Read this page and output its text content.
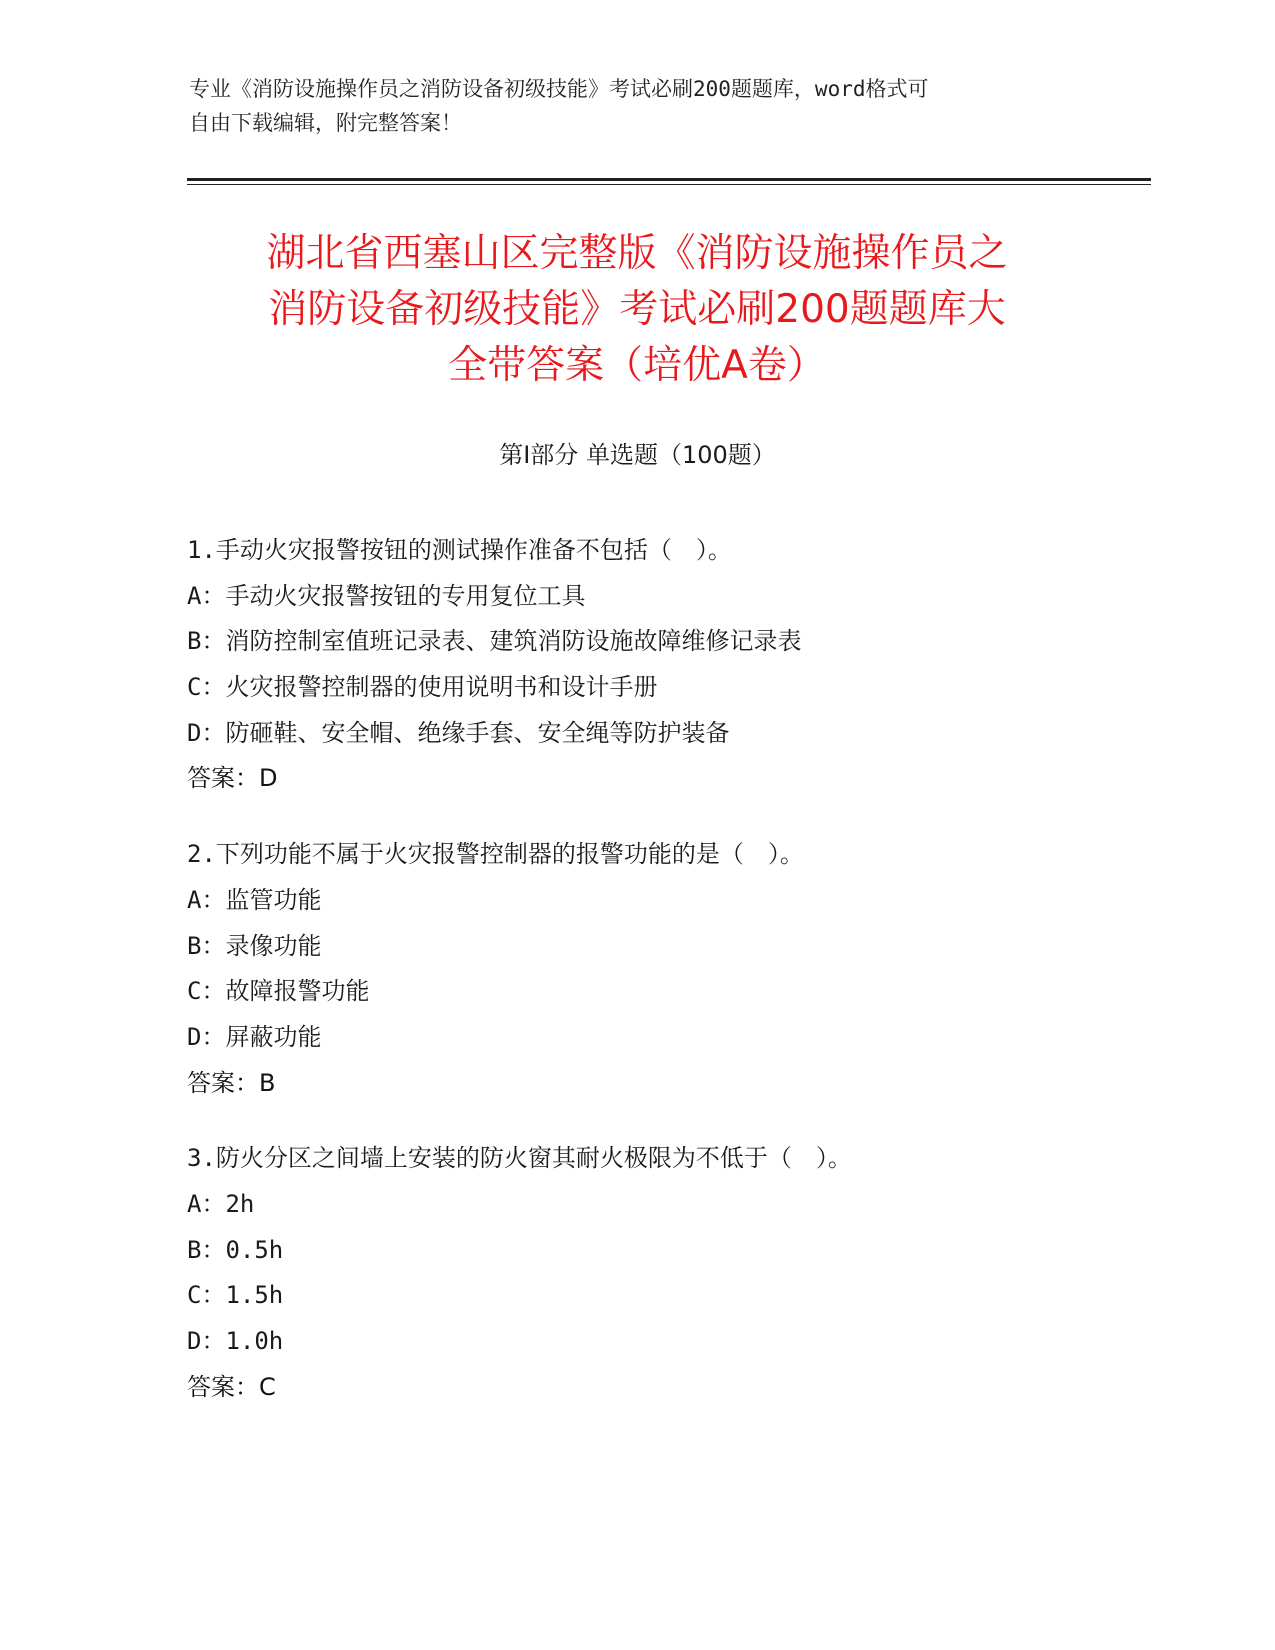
专业《消防设施操作员之消防设备初级技能》考试必刷200题题库，word格式可
自由下载编辑，附完整答案！
湖北省西塞山区完整版《消防设施操作员之
消防设备初级技能》考试必刷200题题库大
全带答案（培优A卷）
第Ⅰ部分 单选题（100题）
1.手动火灾报警按钮的测试操作准备不包括（　）。
A：手动火灾报警按钮的专用复位工具
B：消防控制室值班记录表、建筑消防设施故障维修记录表
C：火灾报警控制器的使用说明书和设计手册
D：防砸鞋、安全帽、绝缘手套、安全绳等防护装备
答案：D
2.下列功能不属于火灾报警控制器的报警功能的是（　）。
A：监管功能
B：录像功能
C：故障报警功能
D：屏蔽功能
答案：B
3.防火分区之间墙上安装的防火窗其耐火极限为不低于（　）。
A：2h
B：0.5h
C：1.5h
D：1.0h
答案：C
